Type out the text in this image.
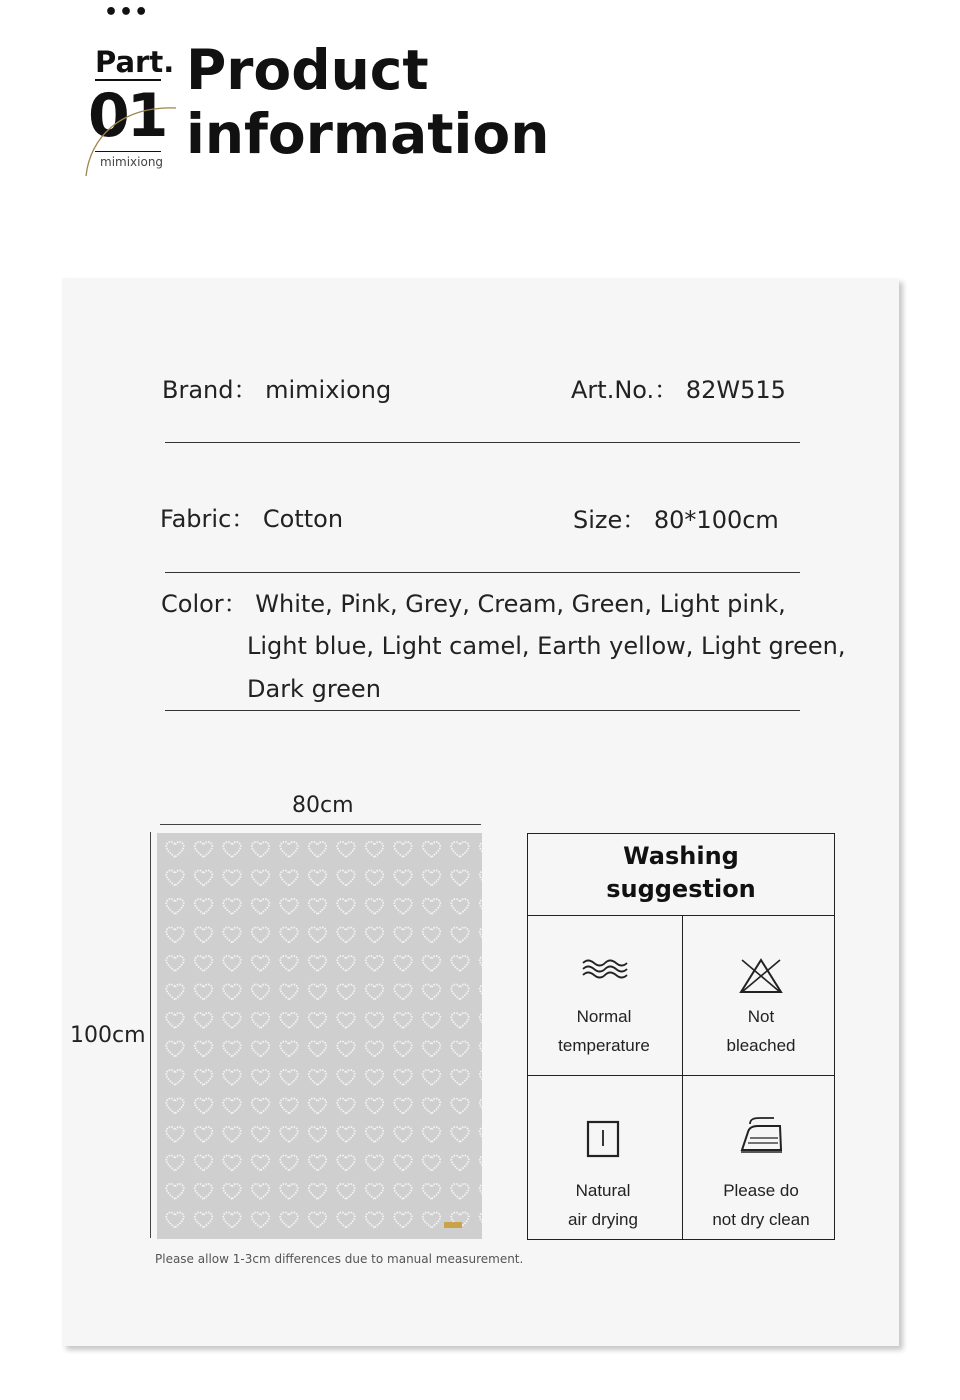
•••
Part.
01
mimixiong
Product
information
Brand： mimixiong	Art.No.： 82W515
Fabric： Cotton	Size： 80*100cm
Color： White, Pink, Grey, Cream, Green, Light pink,
Light blue, Light camel, Earth yellow, Light green,
Dark green
80cm
100cm
Please allow 1-3cm differences due to manual measurement.
Washing
suggestion
Normal
temperature
Not
bleached
Natural
air drying
Please do
not dry clean
